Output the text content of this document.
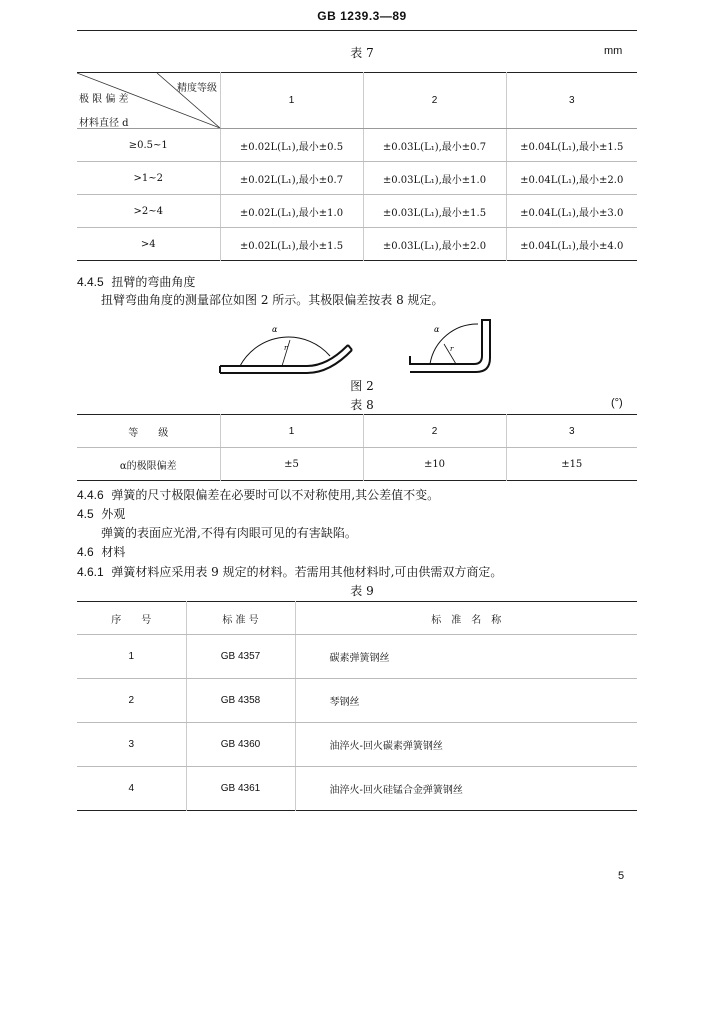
GB 1239.3—89
表 7	mm
精度等级
极 限 偏 差
材料直径 d	1	2	3
≥0.5~1	±0.02L(L₁),最小±0.5	±0.03L(L₁),最小±0.7	±0.04L(L₁),最小±1.5
>1~2	±0.02L(L₁),最小±0.7	±0.03L(L₁),最小±1.0	±0.04L(L₁),最小±2.0
>2~4	±0.02L(L₁),最小±1.0	±0.03L(L₁),最小±1.5	±0.04L(L₁),最小±3.0
>4	±0.02L(L₁),最小±1.5	±0.03L(L₁),最小±2.0	±0.04L(L₁),最小±4.0
4.4.5 扭臂的弯曲角度
扭臂弯曲角度的测量部位如图 2 所示。其极限偏差按表 8 规定。
α
r
α
r
图 2
表 8	(°)
等　　级	1	2	3
α的极限偏差	±5	±10	±15
4.4.6 弹簧的尺寸极限偏差在必要时可以不对称使用,其公差值不变。
4.5 外观
弹簧的表面应光滑,不得有肉眼可见的有害缺陷。
4.6 材料
4.6.1 弹簧材料应采用表 9 规定的材料。若需用其他材料时,可由供需双方商定。
表 9
序　　号	标 准 号	标　准　名　称
1	GB 4357	碳素弹簧钢丝
2	GB 4358	琴钢丝
3	GB 4360	油淬火-回火碳素弹簧钢丝
4	GB 4361	油淬火-回火硅锰合金弹簧钢丝
5
